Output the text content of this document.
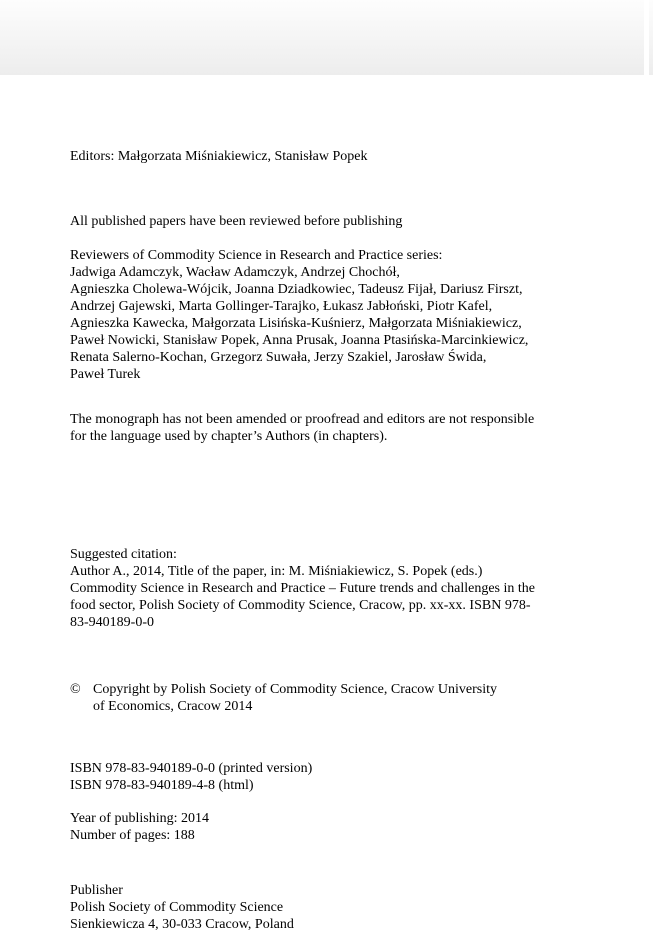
Editors: Małgorzata Miśniakiewicz, Stanisław Popek
All published papers have been reviewed before publishing
Reviewers of Commodity Science in Research and Practice series:
Jadwiga Adamczyk, Wacław Adamczyk, Andrzej Chochół,
Agnieszka Cholewa-Wójcik, Joanna Dziadkowiec, Tadeusz Fijał, Dariusz Firszt,
Andrzej Gajewski, Marta Gollinger-Tarajko, Łukasz Jabłoński, Piotr Kafel,
Agnieszka Kawecka, Małgorzata Lisińska-Kuśnierz, Małgorzata Miśniakiewicz,
Paweł Nowicki, Stanisław Popek, Anna Prusak, Joanna Ptasińska-Marcinkiewicz,
Renata Salerno-Kochan, Grzegorz Suwała, Jerzy Szakiel, Jarosław Świda,
Paweł Turek
The monograph has not been amended or proofread and editors are not responsible
for the language used by chapter’s Authors (in chapters).
Suggested citation:
Author A., 2014, Title of the paper, in: M. Miśniakiewicz, S. Popek (eds.)
Commodity Science in Research and Practice – Future trends and challenges in the
food sector, Polish Society of Commodity Science, Cracow, pp. xx-xx. ISBN 978-
83-940189-0-0
© Copyright by Polish Society of Commodity Science, Cracow University
of Economics, Cracow 2014
ISBN 978-83-940189-0-0 (printed version)
ISBN 978-83-940189-4-8 (html)
Year of publishing: 2014
Number of pages: 188
Publisher
Polish Society of Commodity Science
Sienkiewicza 4, 30-033 Cracow, Poland
